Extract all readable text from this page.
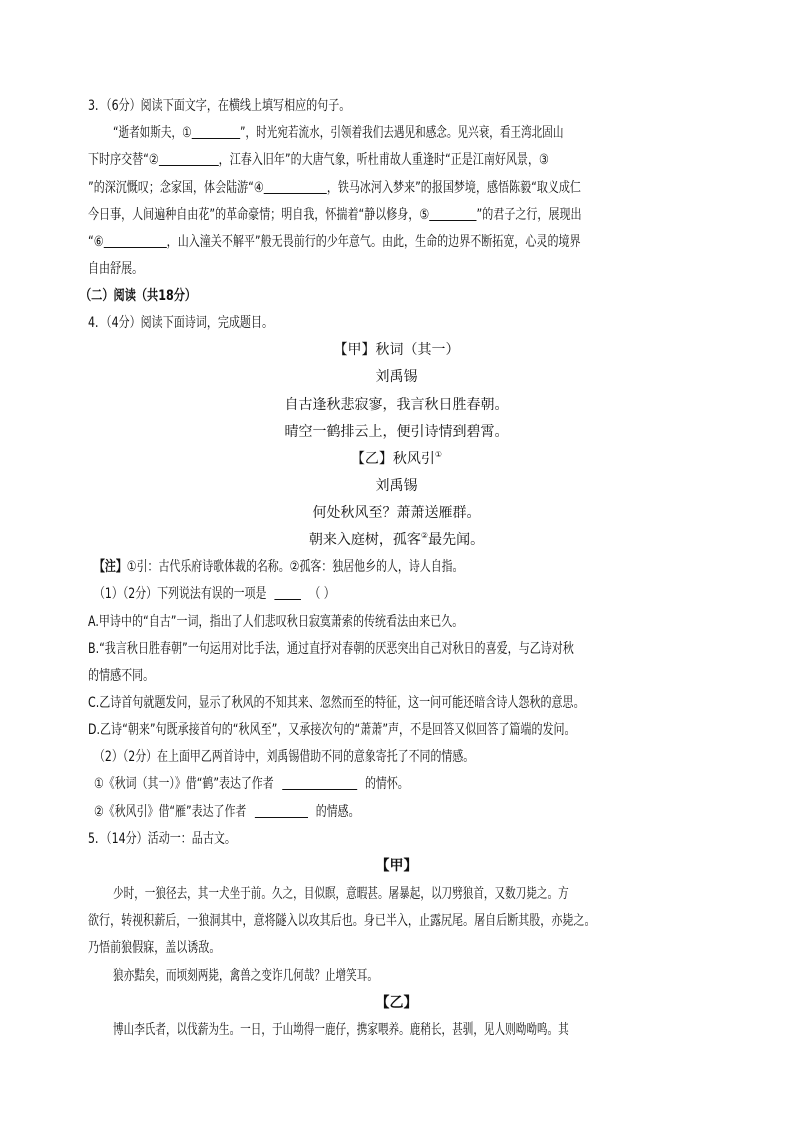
3．（6分）阅读下面文字，在横线上填写相应的句子。
“逝者如斯夫，①	”，时光宛若流水，引领着我们去遇见和感念。见兴衰，看王湾北固山
下时序交替“②	，江春入旧年”的大唐气象，听杜甫故人重逢时“正是江南好风景，③
”的深沉慨叹；念家国，体会陆游“④	，铁马冰河入梦来”的报国梦境，感悟陈毅“取义成仁
今日事，人间遍种自由花”的革命豪情；明自我，怀揣着“静以修身，⑤	”的君子之行，展现出
“⑥	，山入潼关不解平”般无畏前行的少年意气。由此，生命的边界不断拓宽，心灵的境界
自由舒展。
（二）阅读（共18分）
4．（4分）阅读下面诗词，完成题目。
【甲】秋词（其一）
刘禹锡
自古逢秋悲寂寥，我言秋日胜春朝。
晴空一鹤排云上，便引诗情到碧霄。
【乙】秋风引①
刘禹锡
何处秋风至？萧萧送雁群。
朝来入庭树，孤客②最先闻。
【注】①引：古代乐府诗歌体裁的名称。②孤客：独居他乡的人，诗人自指。
（1）（2分）下列说法有误的一项是	（ ）
A.甲诗中的“自古”一词，指出了人们悲叹秋日寂寞萧索的传统看法由来已久。
B.“我言秋日胜春朝”一句运用对比手法，通过直抒对春朝的厌恶突出自己对秋日的喜爱，与乙诗对秋
的情感不同。
C.乙诗首句就题发问，显示了秋风的不知其来、忽然而至的特征，这一问可能还暗含诗人怨秋的意思。
D.乙诗“朝来”句既承接首句的“秋风至”，又承接次句的“萧萧”声，不是回答又似回答了篇端的发问。
（2）（2分）在上面甲乙两首诗中，刘禹锡借助不同的意象寄托了不同的情感。
①《秋词（其一）》借“鹤”表达了作者	的情怀。
②《秋风引》借“雁”表达了作者	的情感。
5．（14分）活动一：品古文。
【甲】
少时，一狼径去，其一犬坐于前。久之，目似瞑，意暇甚。屠暴起，以刀劈狼首，又数刀毙之。方
欲行，转视积薪后，一狼洞其中，意将隧入以攻其后也。身已半入，止露尻尾。屠自后断其股，亦毙之。
乃悟前狼假寐，盖以诱敌。
狼亦黠矣，而顷刻两毙，禽兽之变诈几何哉？止增笑耳。
【乙】
博山李氏者，以伐薪为生。一日，于山坳得一鹿仔，携家喂养。鹿稍长，甚驯，见人则呦呦鸣。其
